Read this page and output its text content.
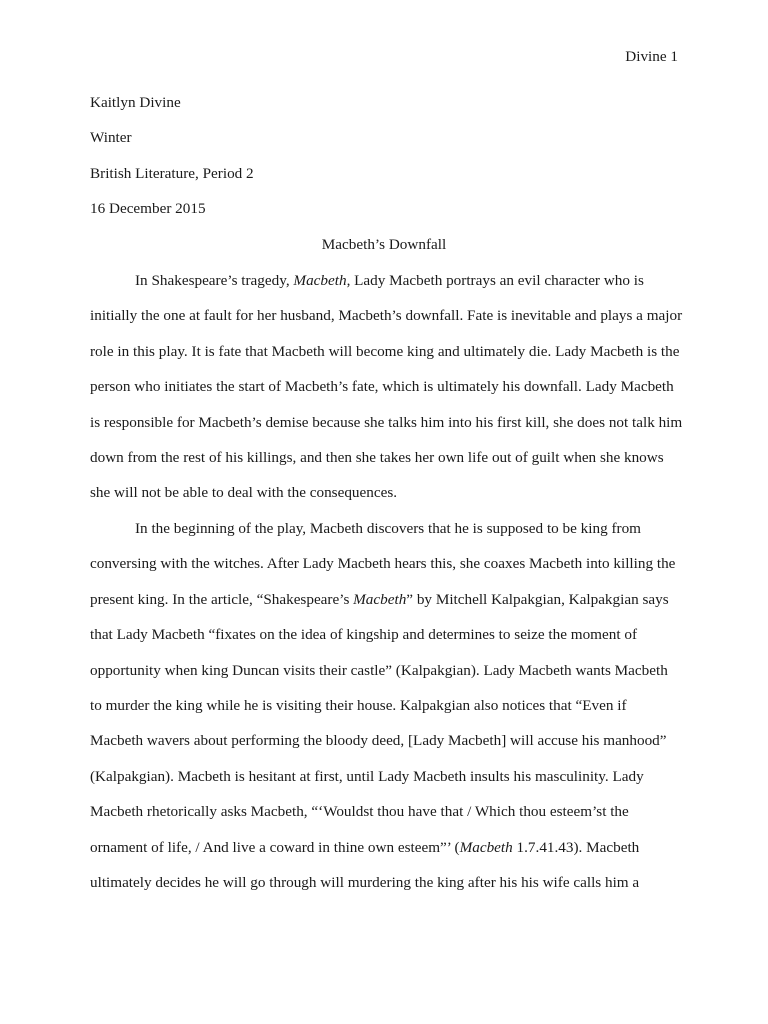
Divine 1
Kaitlyn Divine
Winter
British Literature, Period 2
16 December 2015
Macbeth’s Downfall
In Shakespeare’s tragedy, Macbeth, Lady Macbeth portrays an evil character who is
initially the one at fault for her husband, Macbeth’s downfall. Fate is inevitable and plays a major
role in this play. It is fate that Macbeth will become king and ultimately die. Lady Macbeth is the
person who initiates the start of Macbeth’s fate, which is ultimately his downfall. Lady Macbeth
is responsible for Macbeth’s demise because she talks him into his first kill, she does not talk him
down from the rest of his killings, and then she takes her own life out of guilt when she knows
she will not be able to deal with the consequences.
In the beginning of the play, Macbeth discovers that he is supposed to be king from
conversing with the witches. After Lady Macbeth hears this, she coaxes Macbeth into killing the
present king. In the article, “Shakespeare’s Macbeth” by Mitchell Kalpakgian, Kalpakgian says
that Lady Macbeth “fixates on the idea of kingship and determines to seize the moment of
opportunity when king Duncan visits their castle” (Kalpakgian). Lady Macbeth wants Macbeth
to murder the king while he is visiting their house. Kalpakgian also notices that “Even if
Macbeth wavers about performing the bloody deed, [Lady Macbeth] will accuse his manhood”
(Kalpakgian). Macbeth is hesitant at first, until Lady Macbeth insults his masculinity. Lady
Macbeth rhetorically asks Macbeth, “‘Wouldst thou have that / Which thou esteem’st the
ornament of life, / And live a coward in thine own esteem”’ (Macbeth 1.7.41.43). Macbeth
ultimately decides he will go through will murdering the king after his his wife calls him a
